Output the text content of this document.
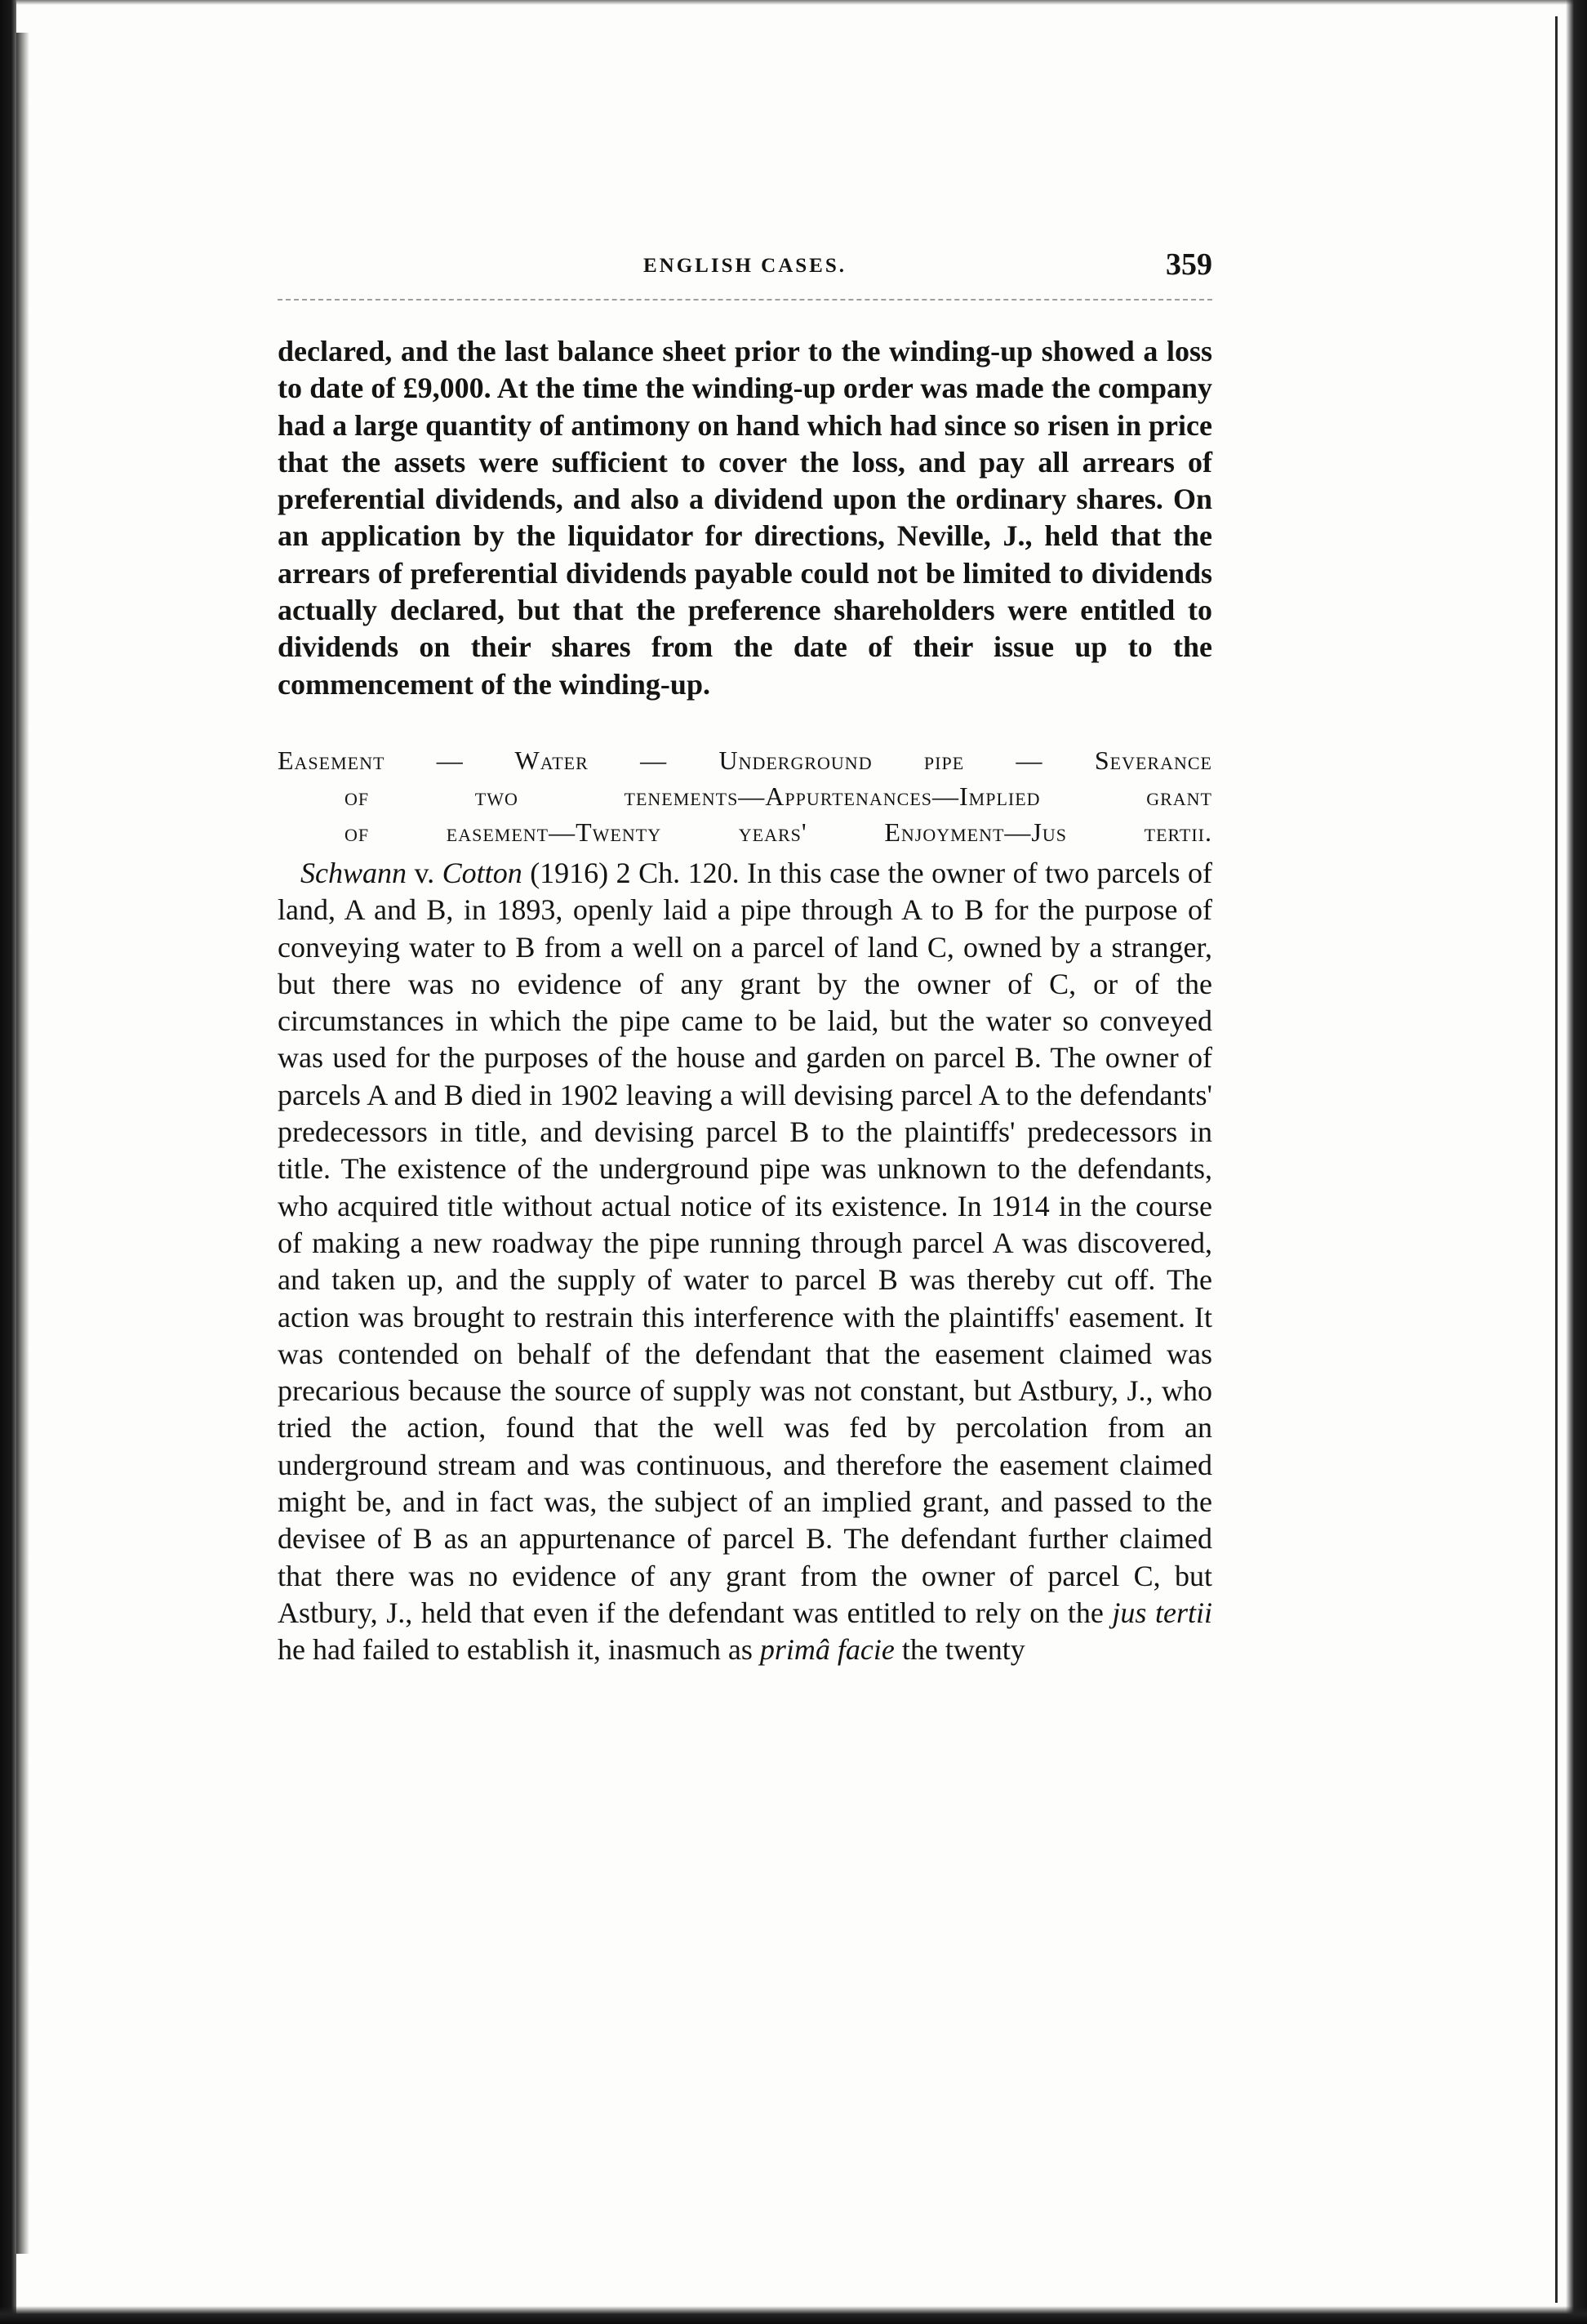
ENGLISH CASES.	359

declared, and the last balance sheet prior to the winding-up showed a loss to date of £9,000. At the time the winding-up order was made the company had a large quantity of antimony on hand which had since so risen in price that the assets were sufficient to cover the loss, and pay all arrears of preferential dividends, and also a dividend upon the ordinary shares. On an application by the liquidator for directions, Neville, J., held that the arrears of preferential dividends payable could not be limited to dividends actually declared, but that the preference shareholders were entitled to dividends on their shares from the date of their issue up to the commencement of the winding-up.

Easement — Water — Underground pipe — Severance
of two tenements—Appurtenances—Implied grant
of easement—Twenty years' Enjoyment—Jus tertii.

Schwann v. Cotton (1916) 2 Ch. 120. In this case the owner of two parcels of land, A and B, in 1893, openly laid a pipe through A to B for the purpose of conveying water to B from a well on a parcel of land C, owned by a stranger, but there was no evidence of any grant by the owner of C, or of the circumstances in which the pipe came to be laid, but the water so conveyed was used for the purposes of the house and garden on parcel B. The owner of parcels A and B died in 1902 leaving a will devising parcel A to the defendants' predecessors in title, and devising parcel B to the plaintiffs' predecessors in title. The existence of the underground pipe was unknown to the defendants, who acquired title without actual notice of its existence. In 1914 in the course of making a new roadway the pipe running through parcel A was discovered, and taken up, and the supply of water to parcel B was thereby cut off. The action was brought to restrain this interference with the plaintiffs' easement. It was contended on behalf of the defendant that the easement claimed was precarious because the source of supply was not constant, but Astbury, J., who tried the action, found that the well was fed by percolation from an underground stream and was continuous, and therefore the easement claimed might be, and in fact was, the subject of an implied grant, and passed to the devisee of B as an appurtenance of parcel B. The defendant further claimed that there was no evidence of any grant from the owner of parcel C, but Astbury, J., held that even if the defendant was entitled to rely on the jus tertii he had failed to establish it, inasmuch as primâ facie the twenty
